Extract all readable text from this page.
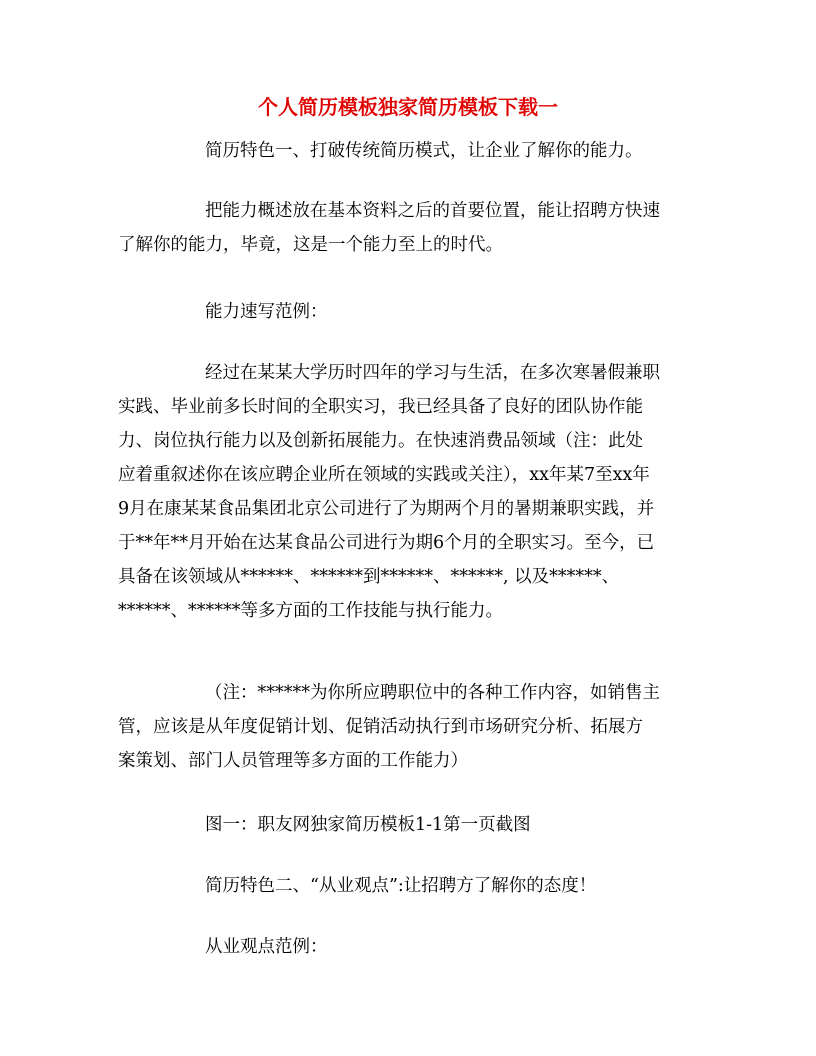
个人简历模板独家简历模板下载一
简历特色一、打破传统简历模式，让企业了解你的能力。
把能力概述放在基本资料之后的首要位置，能让招聘方快速
了解你的能力，毕竟，这是一个能力至上的时代。
能力速写范例：
经过在某某大学历时四年的学习与生活，在多次寒暑假兼职
实践、毕业前多长时间的全职实习，我已经具备了良好的团队协作能
力、岗位执行能力以及创新拓展能力。在快速消费品领域（注：此处
应着重叙述你在该应聘企业所在领域的实践或关注），xx年某7至xx年
9月在康某某食品集团北京公司进行了为期两个月的暑期兼职实践，并
于**年**月开始在达某食品公司进行为期6个月的全职实习。至今，已
具备在该领域从******、******到******、******, 以及******、
******、******等多方面的工作技能与执行能力。
（注：******为你所应聘职位中的各种工作内容，如销售主
管，应该是从年度促销计划、促销活动执行到市场研究分析、拓展方
案策划、部门人员管理等多方面的工作能力）
图一：职友网独家简历模板1-1第一页截图
简历特色二、“从业观点”:让招聘方了解你的态度！
从业观点范例：
